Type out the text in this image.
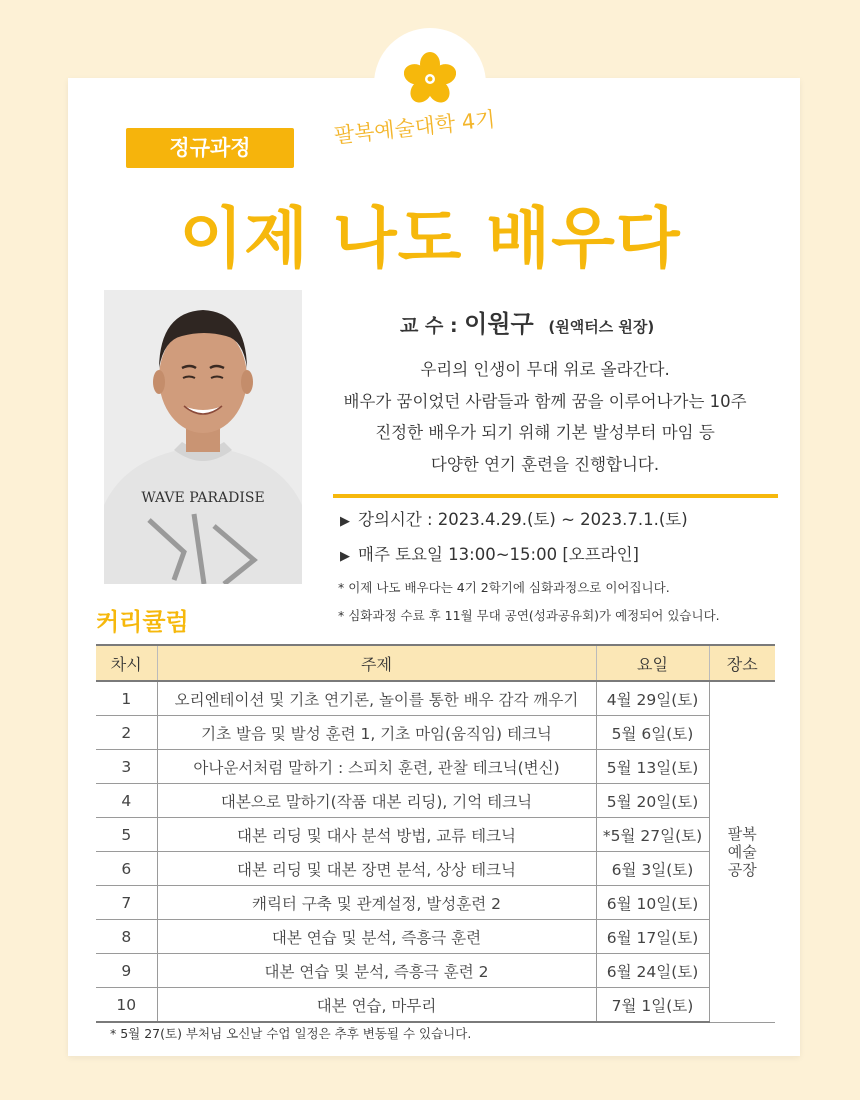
정규과정
팔복예술대학 4기
이제 나도 배우다
WAVE PARADISE
교 수 : 이원구 (원액터스 원장)
우리의 인생이 무대 위로 올라간다.
배우가 꿈이었던 사람들과 함께 꿈을 이루어나가는 10주
진정한 배우가 되기 위해 기본 발성부터 마임 등
다양한 연기 훈련을 진행합니다.
▶ 강의시간 : 2023.4.29.(토) ~ 2023.7.1.(토)
▶ 매주 토요일 13:00~15:00 [오프라인]
* 이제 나도 배우다는 4기 2학기에 심화과정으로 이어집니다.
* 심화과정 수료 후 11월 무대 공연(성과공유회)가 예정되어 있습니다.
커리큘럼
차시	주제	요일	장소
1	오리엔테이션 및 기초 연기론, 놀이를 통한 배우 감각 깨우기	4월 29일(토)	팔복
예술
공장

2	기초 발음 및 발성 훈련 1, 기초 마임(움직임) 테크닉	5월 6일(토)	
3	아나운서처럼 말하기 : 스피치 훈련, 관찰 테크닉(변신)	5월 13일(토)	
4	대본으로 말하기(작품 대본 리딩), 기억 테크닉	5월 20일(토)	
5	대본 리딩 및 대사 분석 방법, 교류 테크닉	*5월 27일(토)	
6	대본 리딩 및 대본 장면 분석, 상상 테크닉	6월 3일(토)	
7	캐릭터 구축 및 관계설정, 발성훈련 2	6월 10일(토)	
8	대본 연습 및 분석, 즉흥극 훈련	6월 17일(토)	
9	대본 연습 및 분석, 즉흥극 훈련 2	6월 24일(토)	
10	대본 연습, 마무리	7월 1일(토)	
* 5월 27(토) 부처님 오신날 수업 일정은 추후 변동될 수 있습니다.
